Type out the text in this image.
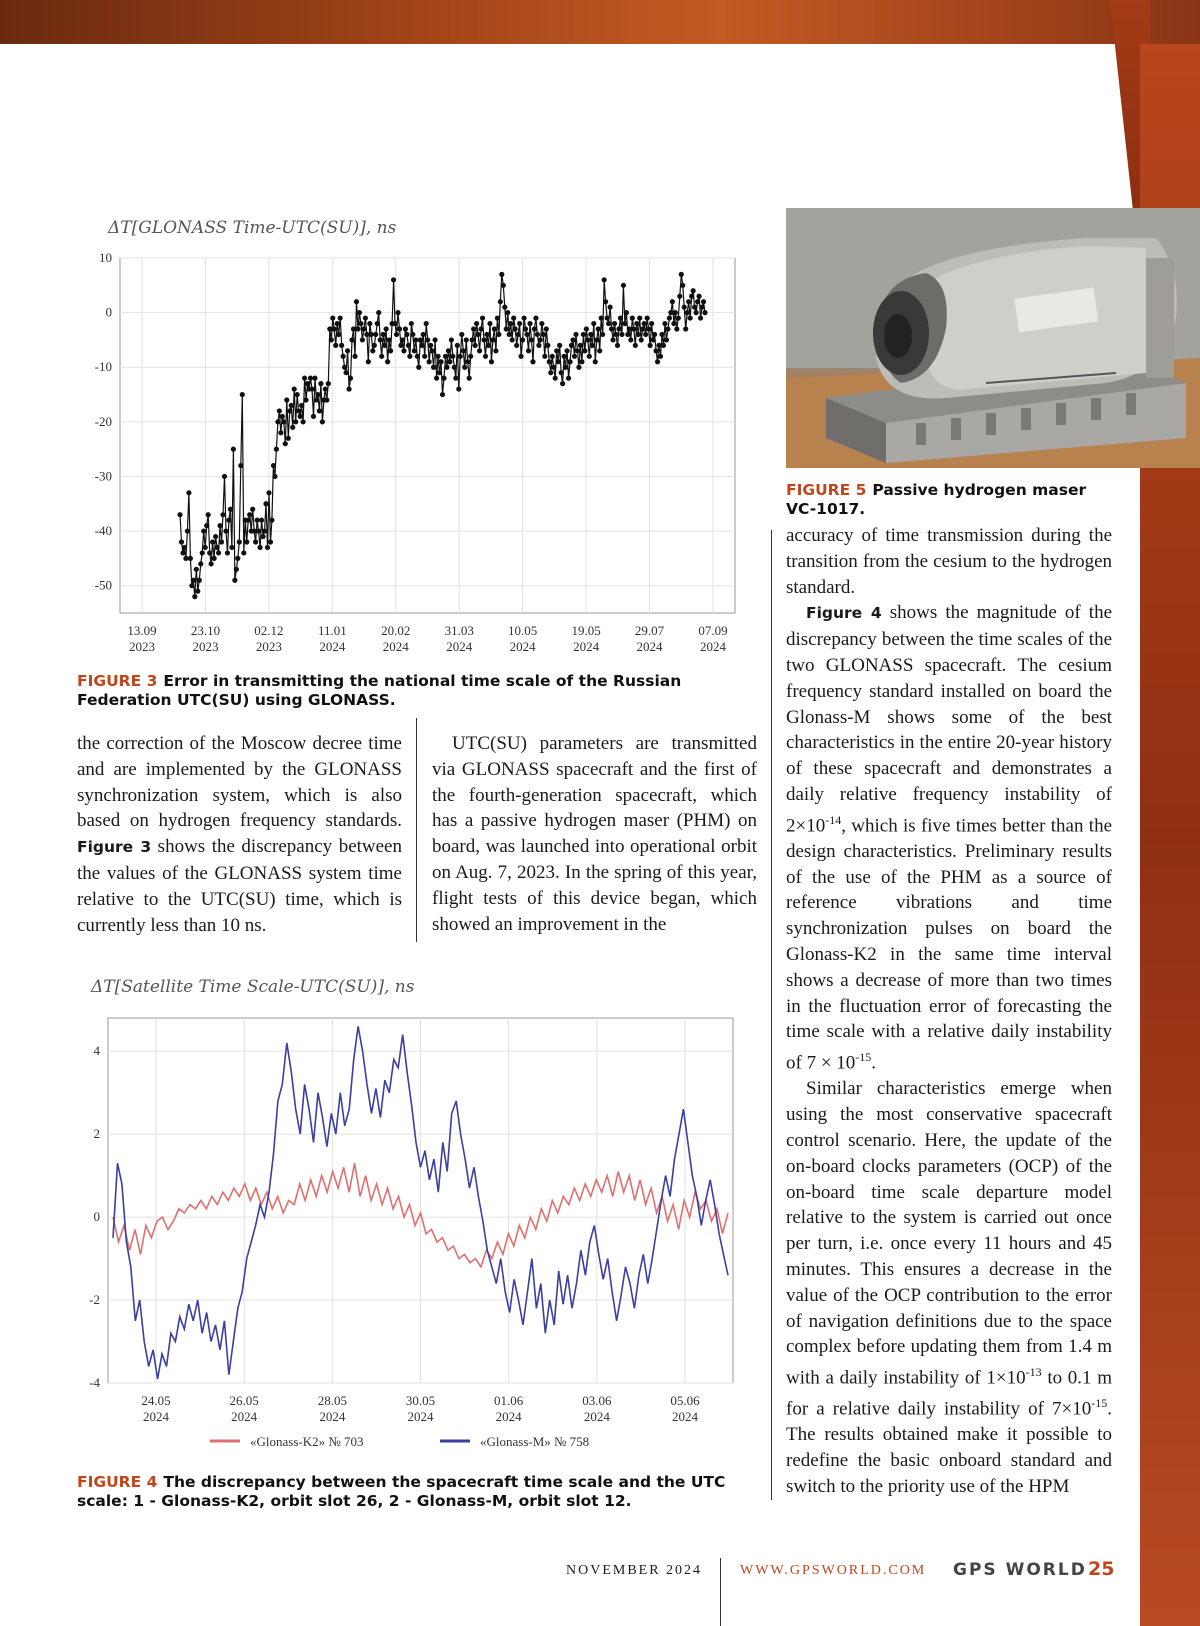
ΔT[GLONASS Time-UTC(SU)], ns
13.09
2023
23.10
2023
02.12
2023
11.01
2024
20.02
2024
31.03
2024
10.05
2024
19.05
2024
29.07
2024
07.09
2024
10
0
-10
-20
-30
-40
-50
FIGURE 3 Error in transmitting the national time scale of the Russian Federation UTC(SU) using GLONASS.
FIGURE 5 Passive hydrogen maser VC-1017.

the correction of the Moscow decree time and are implemented by the GLONASS synchronization system, which is also based on hydrogen frequency standards. Figure 3 shows the discrepancy between the values of the GLONASS system time relative to the UTC(SU) time, which is currently less than 10 ns.

UTC(SU) parameters are transmitted via GLONASS spacecraft and the first of the fourth-generation spacecraft, which has a passive hydrogen maser (PHM) on board, was launched into operational orbit on Aug. 7, 2023. In the spring of this year, flight tests of this device began, which showed an improvement in the

accuracy of time transmission during the transition from the cesium to the hydrogen standard.

Figure 4 shows the magnitude of the discrepancy between the time scales of the two GLONASS spacecraft. The cesium frequency standard installed on board the Glonass-M shows some of the best characteristics in the entire 20-year history of these spacecraft and demonstrates a daily relative frequency instability of $2\times 10^{-14}$, which is five times better than the design characteristics. Preliminary results of the use of the PHM as a source of reference vibrations and time synchronization pulses on board the Glonass-K2 in the same time interval shows a decrease of more than two times in the fluctuation error of forecasting the time scale with a relative daily instability of $7 \times 10^{-15}$.

Similar characteristics emerge when using the most conservative spacecraft control scenario. Here, the update of the on-board clocks parameters (OCP) of the on-board time scale departure model relative to the system is carried out once per turn, i.e. once every 11 hours and 45 minutes. This ensures a decrease in the value of the OCP contribution to the error of navigation definitions due to the space complex before updating them from 1.4 m with a daily instability of $1\times 10^{-13}$ to 0.1 m for a relative daily instability of $7\times 10^{-15}$. The results obtained make it possible to redefine the basic onboard standard and switch to the priority use of the HPM

ΔT[Satellite Time Scale-UTC(SU)], ns
24.05
2024
26.05
2024
28.05
2024
30.05
2024
01.06
2024
03.06
2024
05.06
2024
4
2
0
-2
-4
«Glonass-K2» № 703	«Glonass-M» № 758
FIGURE 4 The discrepancy between the spacecraft time scale and the UTC scale: 1 - Glonass-K2, orbit slot 26, 2 - Glonass-M, orbit slot 12.
NOVEMBER 2024	WWW.GPSWORLD.COM GPS WORLD 25
